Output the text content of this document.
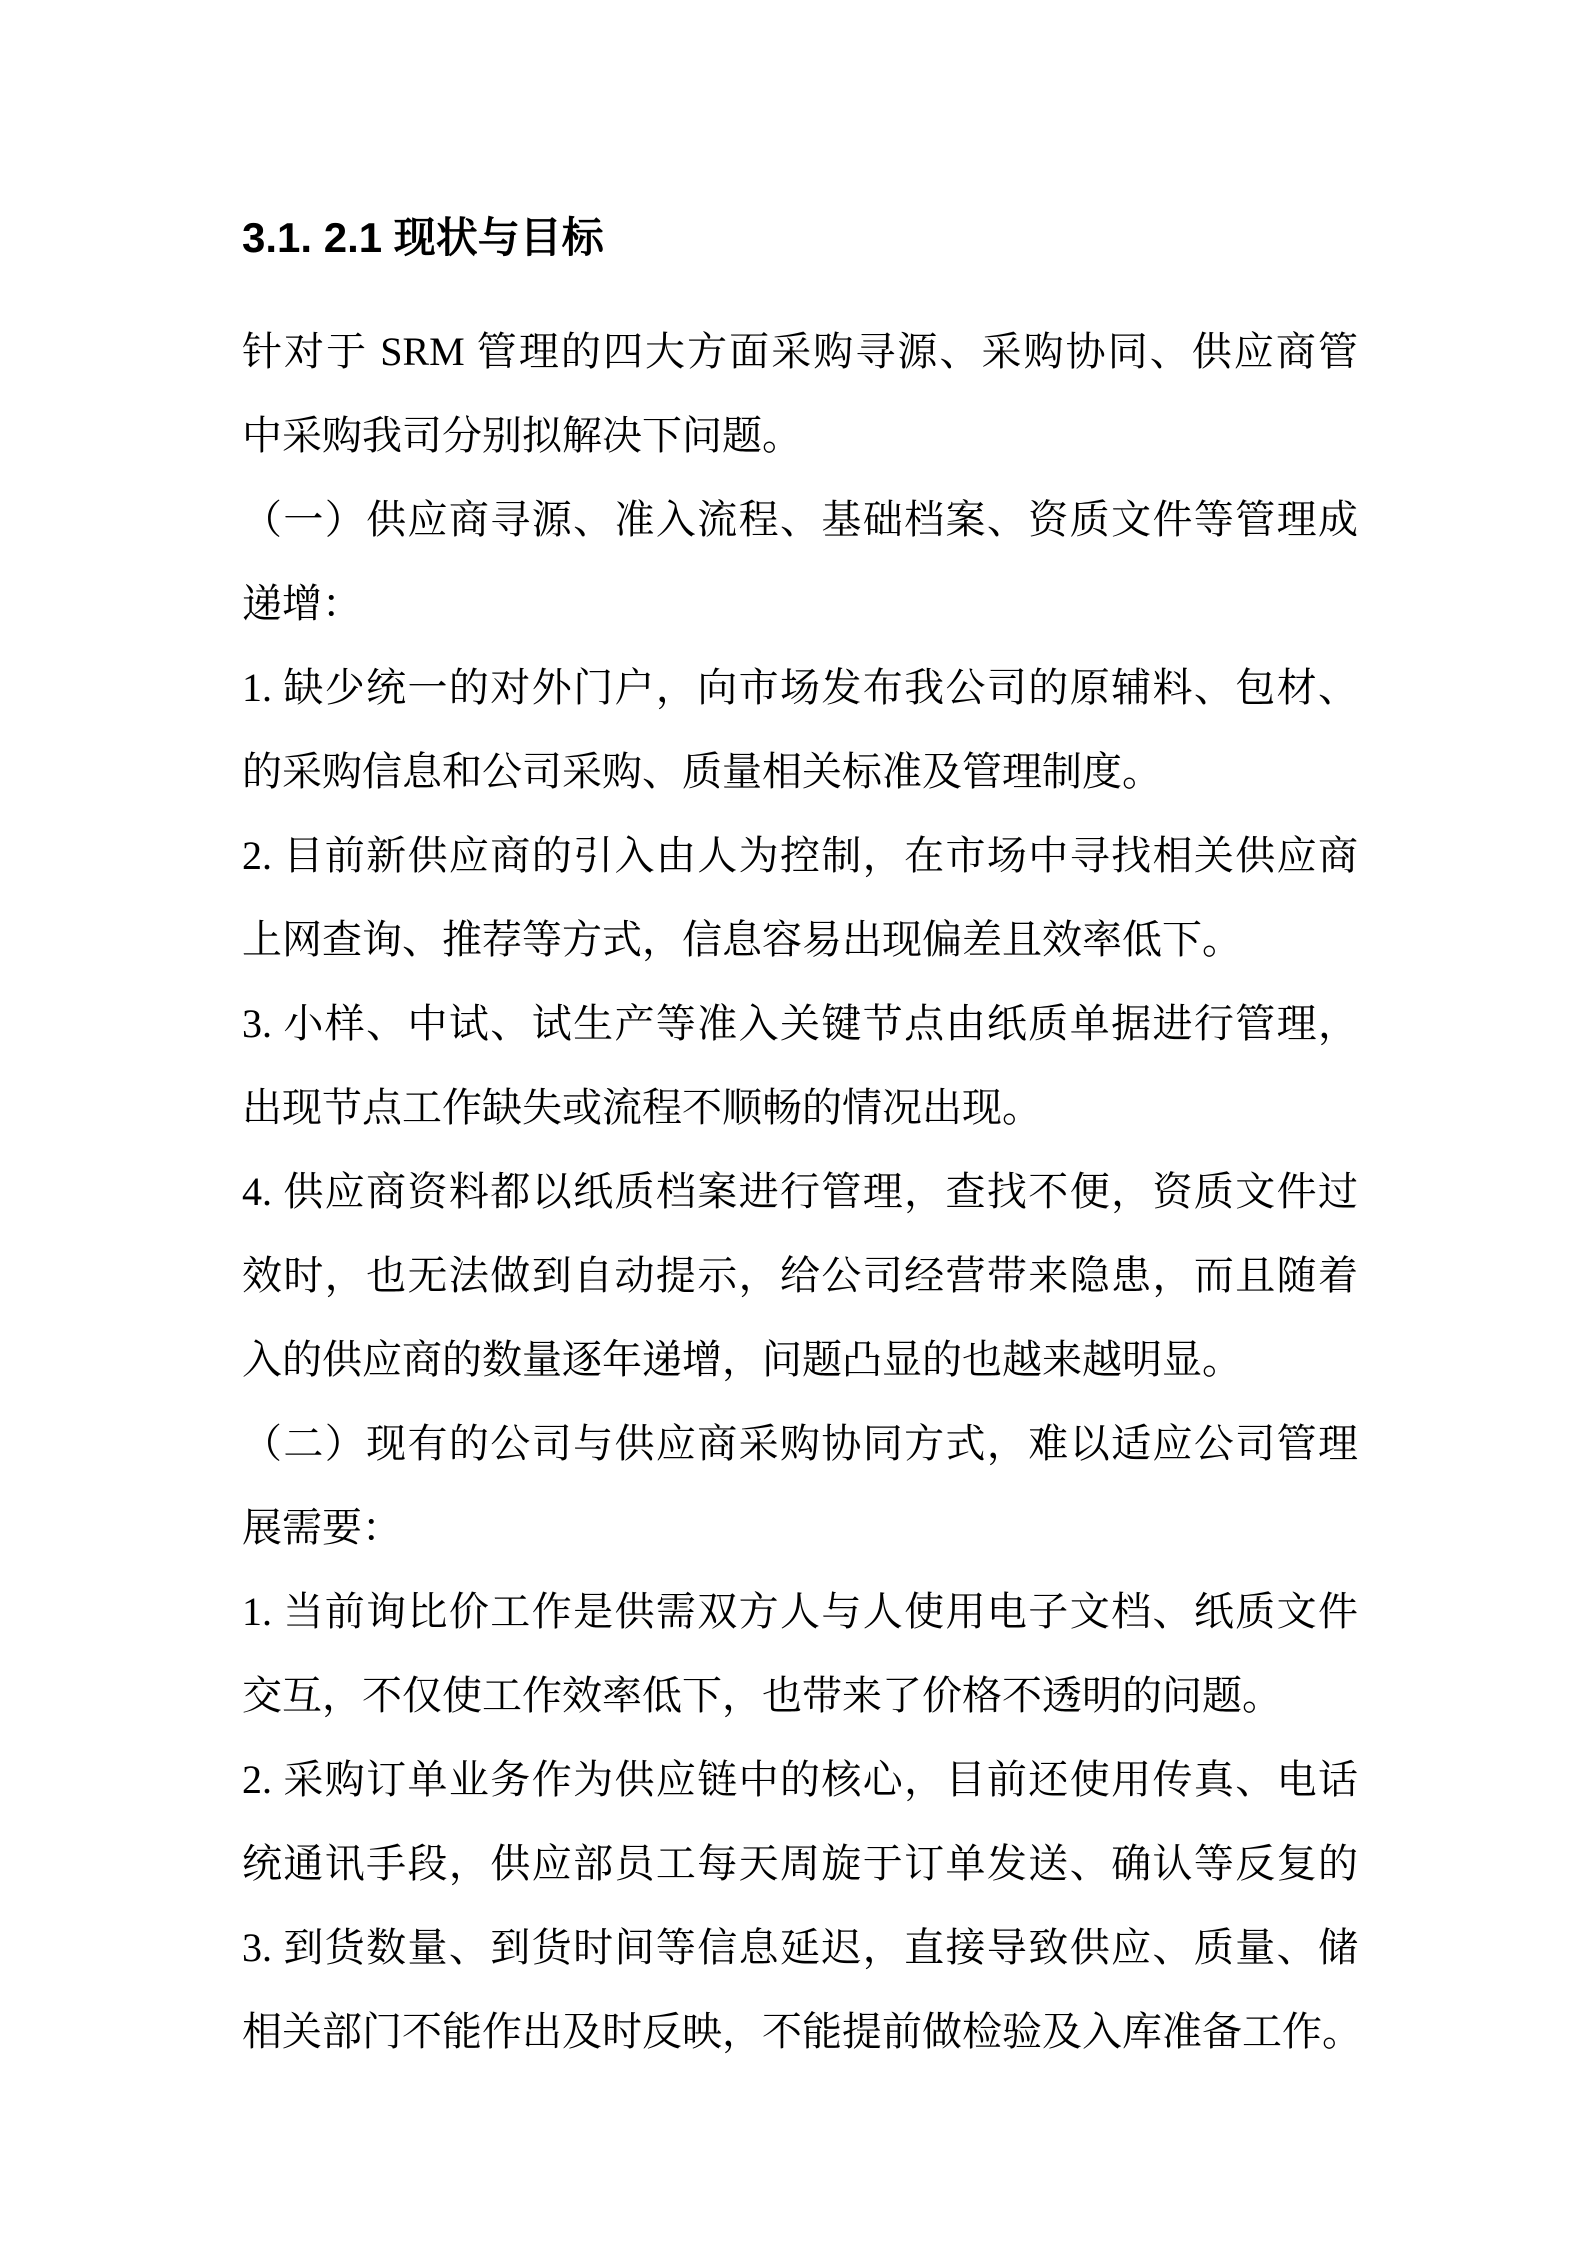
3.1. 2.1 现状与目标
针对于 SRM 管理的四大方面采购寻源、采购协同、供应商管
中采购我司分别拟解决下问题。
（一）供应商寻源、准入流程、基础档案、资质文件等管理成
递增：
1. 缺少统一的对外门户，向市场发布我公司的原辅料、包材、
的采购信息和公司采购、质量相关标准及管理制度。
2. 目前新供应商的引入由人为控制，在市场中寻找相关供应商
上网查询、推荐等方式，信息容易出现偏差且效率低下。
3. 小样、中试、试生产等准入关键节点由纸质单据进行管理，
出现节点工作缺失或流程不顺畅的情况出现。
4. 供应商资料都以纸质档案进行管理，查找不便，资质文件过
效时，也无法做到自动提示，给公司经营带来隐患，而且随着
入的供应商的数量逐年递增，问题凸显的也越来越明显。
（二）现有的公司与供应商采购协同方式，难以适应公司管理
展需要：
1. 当前询比价工作是供需双方人与人使用电子文档、纸质文件
交互，不仅使工作效率低下，也带来了价格不透明的问题。
2. 采购订单业务作为供应链中的核心，目前还使用传真、电话
统通讯手段，供应部员工每天周旋于订单发送、确认等反复的
3. 到货数量、到货时间等信息延迟，直接导致供应、质量、储
相关部门不能作出及时反映，不能提前做检验及入库准备工作。
